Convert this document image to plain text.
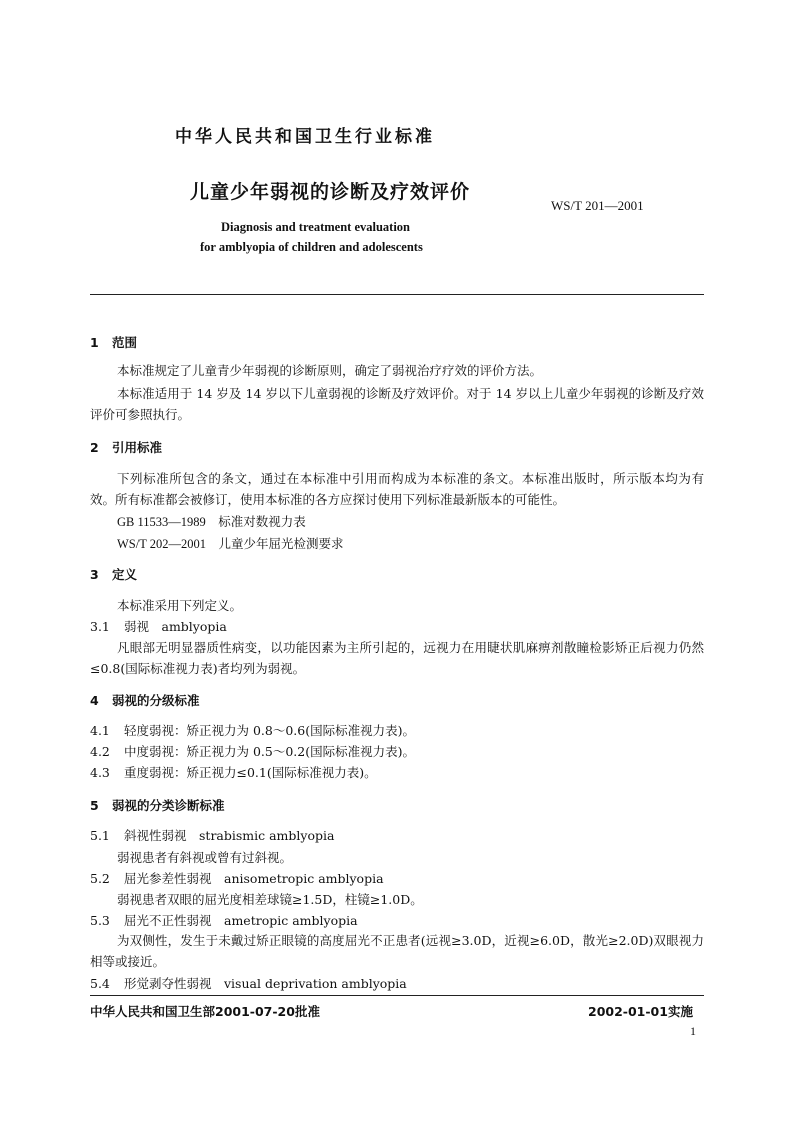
中华人民共和国卫生行业标准
儿童少年弱视的诊断及疗效评价
WS/T 201—2001
Diagnosis and treatment evaluation
for amblyopia of children and adolescents
1 范围
本标准规定了儿童青少年弱视的诊断原则，确定了弱视治疗疗效的评价方法。
本标准适用于 14 岁及 14 岁以下儿童弱视的诊断及疗效评价。对于 14 岁以上儿童少年弱视的诊断及疗效评价可参照执行。
2 引用标准
下列标准所包含的条文，通过在本标准中引用而构成为本标准的条文。本标准出版时，所示版本均为有效。所有标准都会被修订，使用本标准的各方应探讨使用下列标准最新版本的可能性。
GB 11533—1989　标准对数视力表
WS/T 202—2001　儿童少年屈光检测要求
3 定义
本标准采用下列定义。
3.1 弱视　amblyopia
凡眼部无明显器质性病变，以功能因素为主所引起的，远视力在用睫状肌麻痹剂散瞳检影矫正后视力仍然≤0.8(国际标准视力表)者均列为弱视。
4 弱视的分级标准
4.1 轻度弱视：矫正视力为 0.8～0.6(国际标准视力表)。
4.2 中度弱视：矫正视力为 0.5～0.2(国际标准视力表)。
4.3 重度弱视：矫正视力≤0.1(国际标准视力表)。
5 弱视的分类诊断标准
5.1 斜视性弱视　strabismic amblyopia
弱视患者有斜视或曾有过斜视。
5.2 屈光参差性弱视　anisometropic amblyopia
弱视患者双眼的屈光度相差球镜≥1.5D，柱镜≥1.0D。
5.3 屈光不正性弱视　ametropic amblyopia
为双侧性，发生于未戴过矫正眼镜的高度屈光不正患者(远视≥3.0D，近视≥6.0D，散光≥2.0D)双眼视力相等或接近。
5.4 形觉剥夺性弱视　visual deprivation amblyopia
中华人民共和国卫生部2001-07-20批准	2002-01-01实施
1
